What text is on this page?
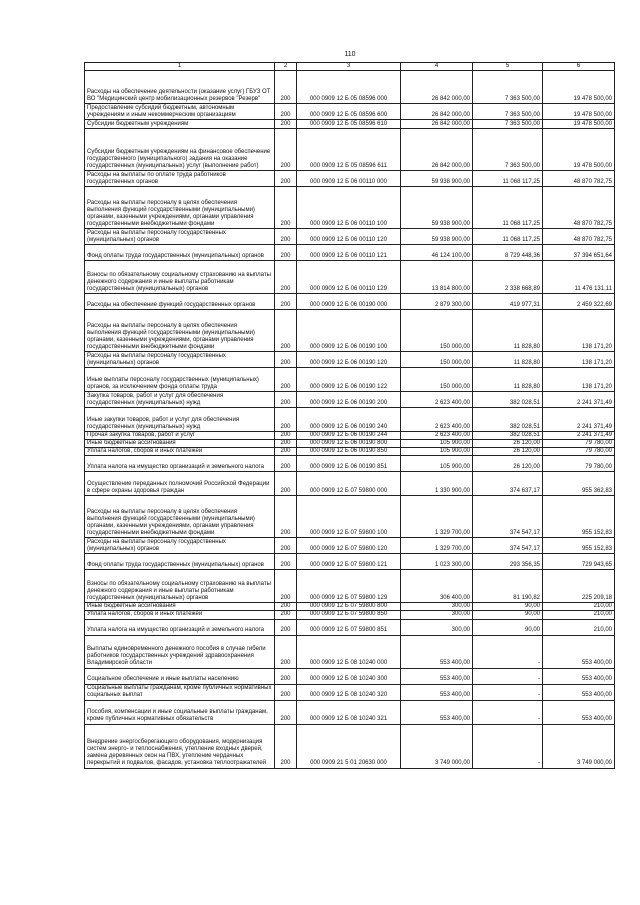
110
1	2	3	4	5	6
Расходы на обеспечение деятельности (оказание услуг) ГБУЗ ОТ ВО "Медицинский центр мобилизационных резервов "Резерв"	200	000 0909 12 Б 05 08596 000	26 842 000,00	7 363 500,00	19 478 500,00
Предоставление субсидий бюджетным, автономным учреждениям и иным некоммерческим организациям	200	000 0909 12 Б 05 08596 600	26 842 000,00	7 363 500,00	19 478 500,00
Субсидии бюджетным учреждениям	200	000 0909 12 Б 05 08596 610	26 842 000,00	7 363 500,00	19 478 500,00
Субсидии бюджетным учреждениям на финансовое обеспечение государственного (муниципального) задания на оказание государственных (муниципальных) услуг (выполнение работ)	200	000 0909 12 Б 05 08596 611	26 842 000,00	7 363 500,00	19 478 500,00
Расходы на выплаты по оплате труда работников государственных органов	200	000 0909 12 Б 06 00110 000	59 938 900,00	11 068 117,25	48 870 782,75
Расходы на выплаты персоналу в целях обеспечения выполнения функций государственными (муниципальными) органами, казенными учреждениями, органами управления государственными внебюджетными фондами	200	000 0909 12 Б 06 00110 100	59 938 900,00	11 068 117,25	48 870 782,75
Расходы на выплаты персоналу государственных (муниципальных) органов	200	000 0909 12 Б 06 00110 120	59 938 900,00	11 068 117,25	48 870 782,75
Фонд оплаты труда государственных (муниципальных) органов	200	000 0909 12 Б 06 00110 121	46 124 100,00	8 729 448,36	37 394 651,64
Взносы по обязательному социальному страхованию на выплаты денежного содержания и иные выплаты работникам государственных (муниципальных) органов	200	000 0909 12 Б 06 00110 129	13 814 800,00	2 338 668,89	11 476 131,11
Расходы на обеспечение функций государственных органов	200	000 0909 12 Б 06 00190 000	2 879 300,00	419 977,31	2 459 322,69
Расходы на выплаты персоналу в целях обеспечения выполнения функций государственными (муниципальными) органами, казенными учреждениями, органами управления государственными внебюджетными фондами	200	000 0909 12 Б 06 00190 100	150 000,00	11 828,80	138 171,20
Расходы на выплаты персоналу государственных (муниципальных) органов	200	000 0909 12 Б 06 00190 120	150 000,00	11 828,80	138 171,20
Иные выплаты персоналу государственных (муниципальных) органов, за исключением фонда оплаты труда	200	000 0909 12 Б 06 00190 122	150 000,00	11 828,80	138 171,20
Закупка товаров, работ и услуг для обеспечения государственных (муниципальных) нужд	200	000 0909 12 Б 06 00190 200	2 623 400,00	382 028,51	2 241 371,49
Иные закупки товаров, работ и услуг для обеспечения государственных (муниципальных) нужд	200	000 0909 12 Б 06 00190 240	2 623 400,00	382 028,51	2 241 371,49
Прочая закупка товаров, работ и услуг	200	000 0909 12 Б 06 00190 244	2 623 400,00	382 028,51	2 241 371,49
Иные бюджетные ассигнования	200	000 0909 12 Б 06 00190 800	105 900,00	26 120,00	79 780,00
Уплата налогов, сборов и иных платежей	200	000 0909 12 Б 06 00190 850	105 900,00	26 120,00	79 780,00
Уплата налога на имущество организаций и земельного налога	200	000 0909 12 Б 06 00190 851	105 900,00	26 120,00	79 780,00
Осуществление переданных полномочий Российской Федерации в сфере охраны здоровья граждан	200	000 0909 12 Б 07 59800 000	1 330 900,00	374 637,17	955 362,83
Расходы на выплаты персоналу в целях обеспечения выполнения функций государственными (муниципальными) органами, казенными учреждениями, органами управления государственными внебюджетными фондами	200	000 0909 12 Б 07 59800 100	1 329 700,00	374 547,17	955 152,83
Расходы на выплаты персоналу государственных (муниципальных) органов	200	000 0909 12 Б 07 59800 120	1 329 700,00	374 547,17	955 152,83
Фонд оплаты труда государственных (муниципальных) органов	200	000 0909 12 Б 07 59800 121	1 023 300,00	293 356,35	729 943,65
Взносы по обязательному социальному страхованию на выплаты денежного содержания и иные выплаты работникам государственных (муниципальных) органов	200	000 0909 12 Б 07 59800 129	306 400,00	81 190,82	225 209,18
Иные бюджетные ассигнования	200	000 0909 12 Б 07 59800 800	300,00	90,00	210,00
Уплата налогов, сборов и иных платежей	200	000 0909 12 Б 07 59800 850	300,00	90,00	210,00
Уплата налога на имущество организаций и земельного налога	200	000 0909 12 Б 07 59800 851	300,00	90,00	210,00
Выплаты единовременного денежного пособия в случае гибели работников государственных учреждений здравоохранения Владимирской области	200	000 0909 12 Б 08 10240 000	553 400,00	-	553 400,00
Социальное обеспечение и иные выплаты населению	200	000 0909 12 Б 08 10240 300	553 400,00	-	553 400,00
Социальные выплаты гражданам, кроме публичных нормативных социальных выплат	200	000 0909 12 Б 08 10240 320	553 400,00	-	553 400,00
Пособия, компенсации и иные социальные выплаты гражданам, кроме публичных нормативных обязательств	200	000 0909 12 Б 08 10240 321	553 400,00	-	553 400,00
Внедрение энергосберегающего оборудования, модернизация систем энерго- и теплоснабжения, утепление входных дверей, замена деревянных окон на ПВХ, утепление чердачных перекрытий и подвалов, фасадов, установка теплоотражателей	200	000 0909 21 5 01 20630 000	3 749 000,00	-	3 749 000,00
